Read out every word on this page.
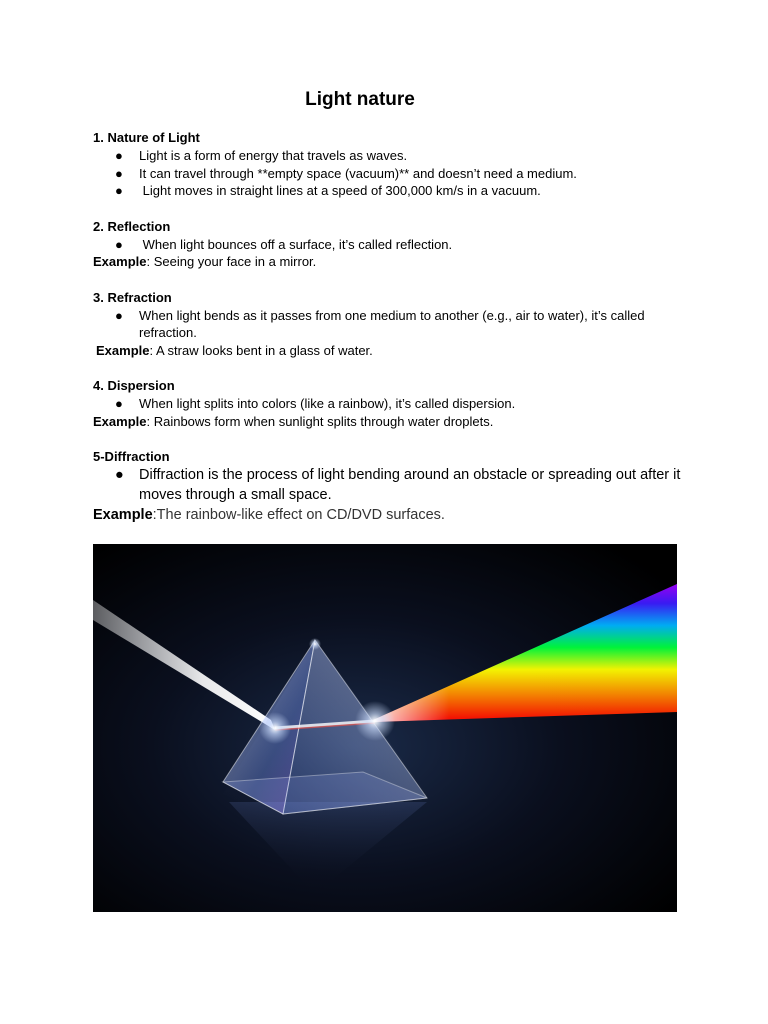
Light nature
1. Nature of Light
● Light is a form of energy that travels as waves.
● It can travel through **empty space (vacuum)** and doesn’t need a medium.
● Light moves in straight lines at a speed of 300,000 km/s in a vacuum.
2. Reflection
● When light bounces off a surface, it’s called reflection.
Example: Seeing your face in a mirror.
3. Refraction
● When light bends as it passes from one medium to another (e.g., air to water), it’s called refraction.
Example: A straw looks bent in a glass of water.
4. Dispersion
● When light splits into colors (like a rainbow), it’s called dispersion.
Example: Rainbows form when sunlight splits through water droplets.
5-Diffraction
● Diffraction is the process of light bending around an obstacle or spreading out after it moves through a small space.
Example:The rainbow-like effect on CD/DVD surfaces.
